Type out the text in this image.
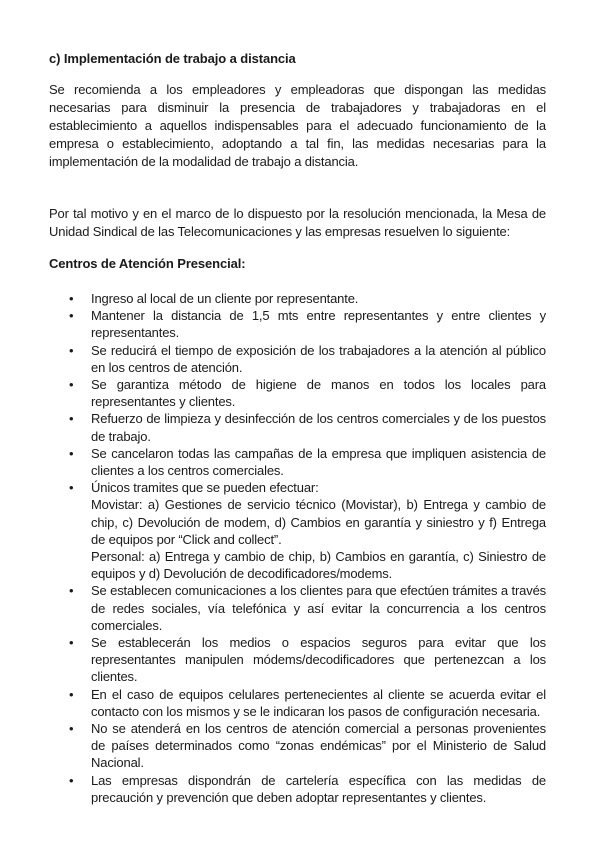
c) Implementación de trabajo a distancia

Se recomienda a los empleadores y empleadoras que dispongan las medidas necesarias para disminuir la presencia de trabajadores y trabajadoras en el establecimiento a aquellos indispensables para el adecuado funcionamiento de la empresa o establecimiento, adoptando a tal fin, las medidas necesarias para la implementación de la modalidad de trabajo a distancia.

Por tal motivo y en el marco de lo dispuesto por la resolución mencionada, la Mesa de Unidad Sindical de las Telecomunicaciones y las empresas resuelven lo siguiente:

Centros de Atención Presencial:
• Ingreso al local de un cliente por representante.
• Mantener la distancia de 1,5 mts entre representantes y entre clientes y representantes.
• Se reducirá el tiempo de exposición de los trabajadores a la atención al público en los centros de atención.
• Se garantiza método de higiene de manos en todos los locales para representantes y clientes.
• Refuerzo de limpieza y desinfección de los centros comerciales y de los puestos de trabajo.
• Se cancelaron todas las campañas de la empresa que impliquen asistencia de clientes a los centros comerciales.
• Únicos tramites que se pueden efectuar:
Movistar: a) Gestiones de servicio técnico (Movistar), b) Entrega y cambio de chip, c) Devolución de modem, d) Cambios en garantía y siniestro y f) Entrega de equipos por “Click and collect”.
Personal: a) Entrega y cambio de chip, b) Cambios en garantía, c) Siniestro de equipos y d) Devolución de decodificadores/modems.
• Se establecen comunicaciones a los clientes para que efectúen trámites a través de redes sociales, vía telefónica y así evitar la concurrencia a los centros comerciales.
• Se establecerán los medios o espacios seguros para evitar que los representantes manipulen módems/decodificadores que pertenezcan a los clientes.
• En el caso de equipos celulares pertenecientes al cliente se acuerda evitar el contacto con los mismos y se le indicaran los pasos de configuración necesaria.
• No se atenderá en los centros de atención comercial a personas provenientes de países determinados como “zonas endémicas” por el Ministerio de Salud Nacional.
• Las empresas dispondrán de cartelería específica con las medidas de precaución y prevención que deben adoptar representantes y clientes.
